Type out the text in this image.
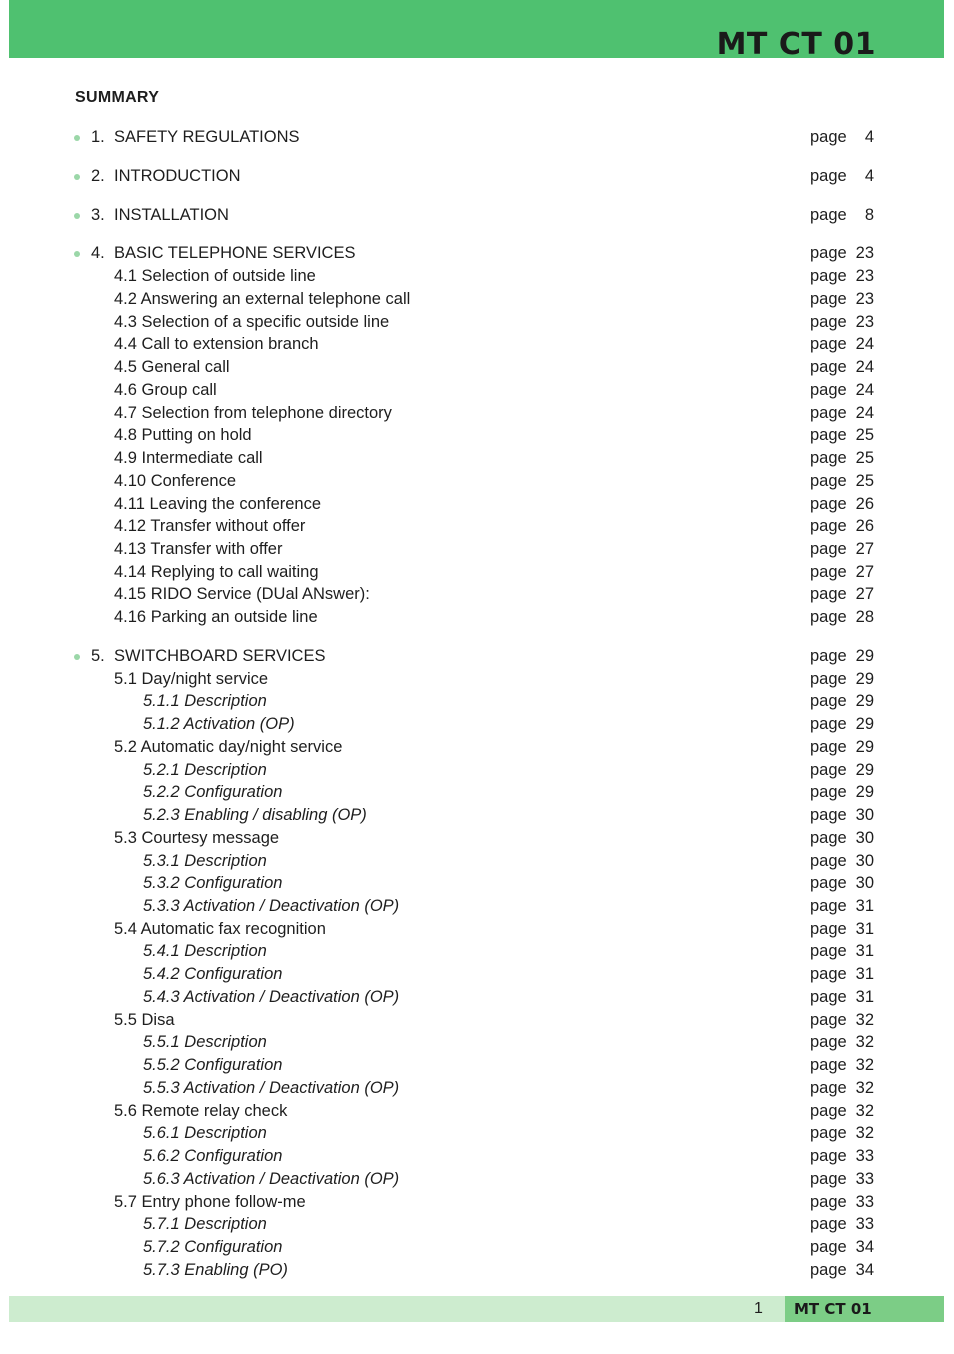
MT CT 01
SUMMARY
1. SAFETY REGULATIONS	page 4
2. INTRODUCTION	page 4
3. INSTALLATION	page 8
4. BASIC TELEPHONE SERVICES	page 23
4.1 Selection of outside line	page 23
4.2 Answering an external telephone call	page 23
4.3 Selection of a specific outside line	page 23
4.4 Call to extension branch	page 24
4.5 General call	page 24
4.6 Group call	page 24
4.7 Selection from telephone directory	page 24
4.8 Putting on hold	page 25
4.9 Intermediate call	page 25
4.10 Conference	page 25
4.11 Leaving the conference	page 26
4.12 Transfer without offer	page 26
4.13 Transfer with offer	page 27
4.14 Replying to call waiting	page 27
4.15 RIDO Service (DUal ANswer):	page 27
4.16 Parking an outside line	page 28
5. SWITCHBOARD SERVICES	page 29
5.1 Day/night service	page 29
5.1.1 Description	page 29
5.1.2 Activation (OP)	page 29
5.2 Automatic day/night service	page 29
5.2.1 Description	page 29
5.2.2 Configuration	page 29
5.2.3 Enabling / disabling (OP)	page 30
5.3 Courtesy message	page 30
5.3.1 Description	page 30
5.3.2 Configuration	page 30
5.3.3 Activation / Deactivation (OP)	page 31
5.4 Automatic fax recognition	page 31
5.4.1 Description	page 31
5.4.2 Configuration	page 31
5.4.3 Activation / Deactivation (OP)	page 31
5.5 Disa	page 32
5.5.1 Description	page 32
5.5.2 Configuration	page 32
5.5.3 Activation / Deactivation (OP)	page 32
5.6 Remote relay check	page 32
5.6.1 Description	page 32
5.6.2 Configuration	page 33
5.6.3 Activation / Deactivation (OP)	page 33
5.7 Entry phone follow-me	page 33
5.7.1 Description	page 33
5.7.2 Configuration	page 34
5.7.3 Enabling (PO)	page 34
1 MT CT 01
